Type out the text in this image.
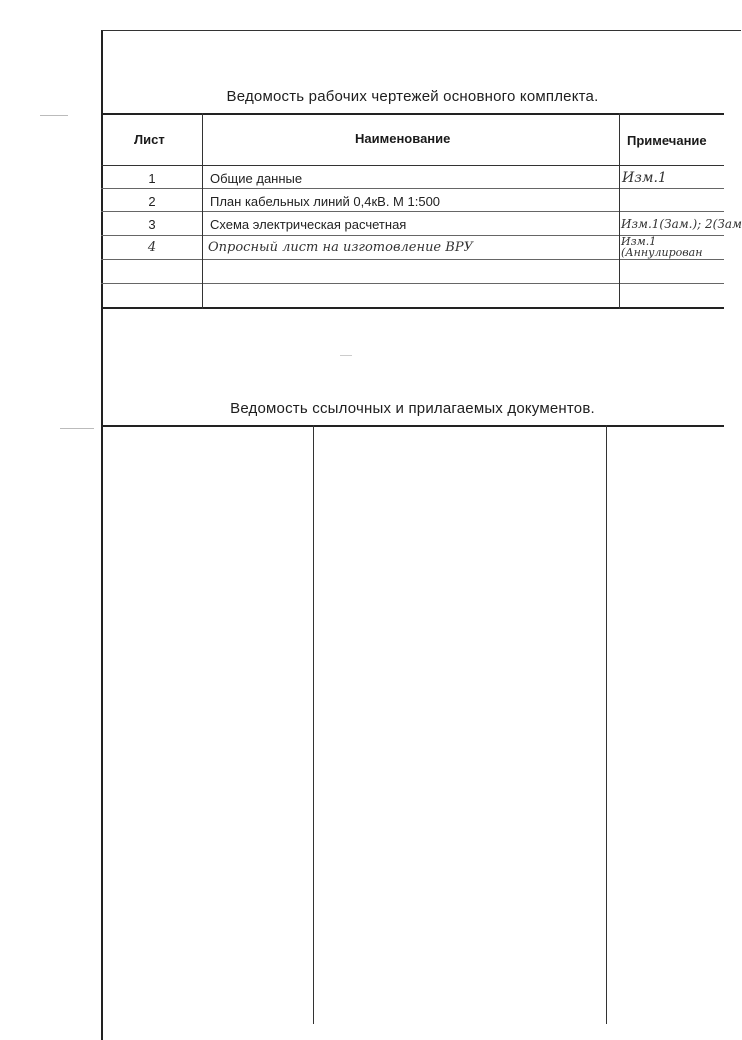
Ведомость рабочих чертежей основного комплекта.
Лист	Наименование	Примечание
1	Общие данные	Изм.1
2	План кабельных линий 0,4кВ. М 1:500
3	Схема электрическая расчетная	Изм.1(Зам.); 2(Зам
4	Опросный лист на изготовление ВРУ	Изм.1 (Аннулирован
Ведомость ссылочных и прилагаемых документов.
